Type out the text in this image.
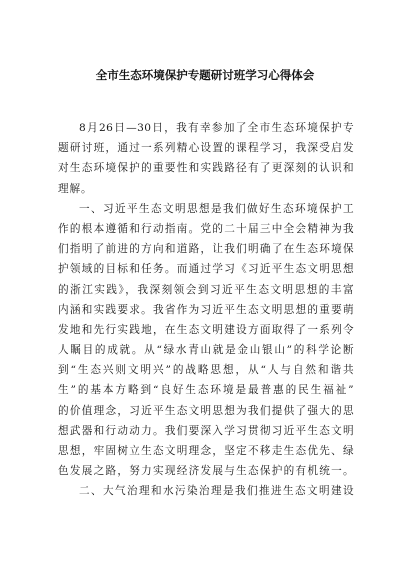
全市生态环境保护专题研讨班学习心得体会
8月26日—30日，我有幸参加了全市生态环境保护专
题研讨班，通过一系列精心设置的课程学习，我深受启发
对生态环境保护的重要性和实践路径有了更深刻的认识和
理解。
一、习近平生态文明思想是我们做好生态环境保护工
作的根本遵循和行动指南。党的二十届三中全会精神为我
们指明了前进的方向和道路，让我们明确了在生态环境保
护领域的目标和任务。而通过学习《习近平生态文明思想
的浙江实践》，我深刻领会到习近平生态文明思想的丰富
内涵和实践要求。我省作为习近平生态文明思想的重要萌
发地和先行实践地，在生态文明建设方面取得了一系列令
人瞩目的成就。从“绿水青山就是金山银山”的科学论断
到“生态兴则文明兴”的战略思想，从“人与自然和谐共
生”的基本方略到“良好生态环境是最普惠的民生福祉”
的价值理念，习近平生态文明思想为我们提供了强大的思
想武器和行动动力。我们要深入学习贯彻习近平生态文明
思想，牢固树立生态文明理念，坚定不移走生态优先、绿
色发展之路，努力实现经济发展与生态保护的有机统一。
二、大气治理和水污染治理是我们推进生态文明建设
